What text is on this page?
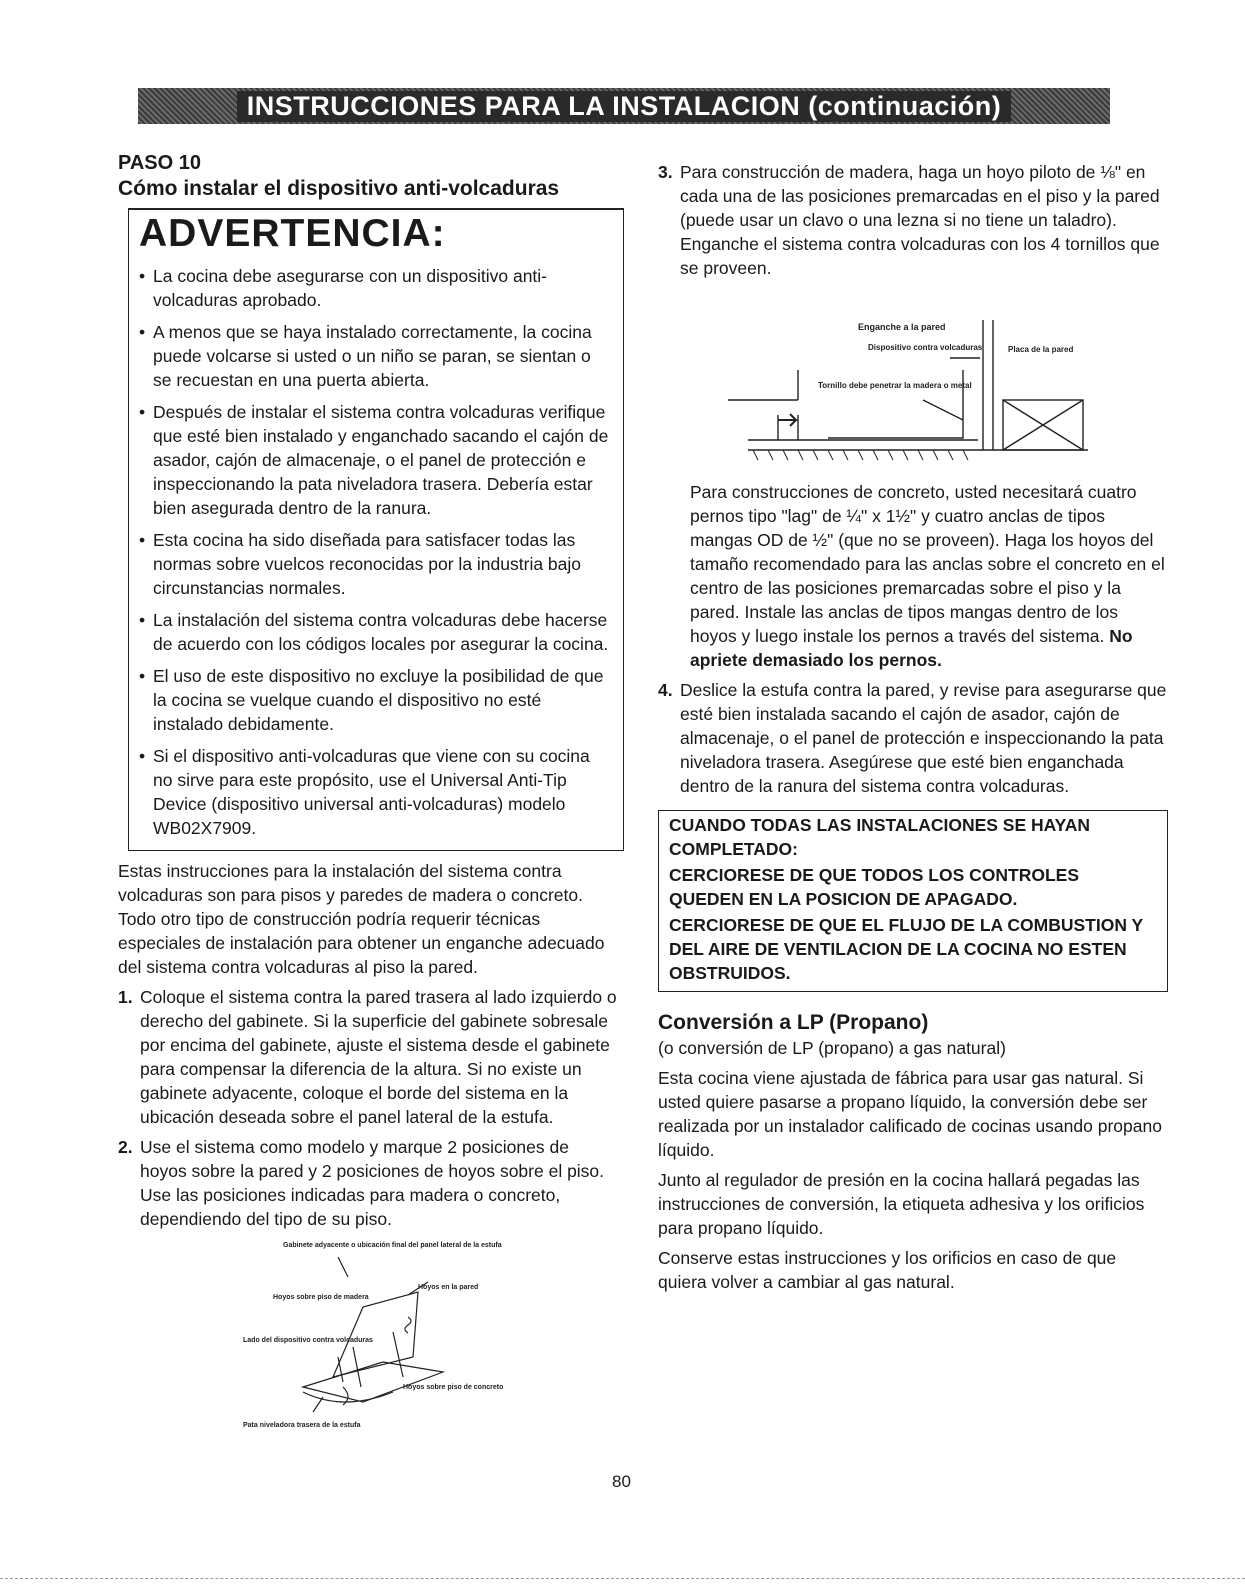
INSTRUCCIONES PARA LA INSTALACION (continuación)

PASO 10

Cómo instalar el dispositivo anti-volcaduras

ADVERTENCIA:
• La cocina debe asegurarse con un dispositivo anti-volcaduras aprobado.
• A menos que se haya instalado correctamente, la cocina puede volcarse si usted o un niño se paran, se sientan o se recuestan en una puerta abierta.
• Después de instalar el sistema contra volcaduras verifique que esté bien instalado y enganchado sacando el cajón de asador, cajón de almacenaje, o el panel de protección e inspeccionando la pata niveladora trasera. Debería estar bien asegurada dentro de la ranura.
• Esta cocina ha sido diseñada para satisfacer todas las normas sobre vuelcos reconocidas por la industria bajo circunstancias normales.
• La instalación del sistema contra volcaduras debe hacerse de acuerdo con los códigos locales por asegurar la cocina.
• El uso de este dispositivo no excluye la posibilidad de que la cocina se vuelque cuando el dispositivo no esté instalado debidamente.
• Si el dispositivo anti-volcaduras que viene con su cocina no sirve para este propósito, use el Universal Anti-Tip Device (dispositivo universal anti-volcaduras) modelo WB02X7909.

Estas instrucciones para la instalación del sistema contra volcaduras son para pisos y paredes de madera o concreto. Todo otro tipo de construcción podría requerir técnicas especiales de instalación para obtener un enganche adecuado del sistema contra volcaduras al piso la pared.

1. Coloque el sistema contra la pared trasera al lado izquierdo o derecho del gabinete. Si la superficie del gabinete sobresale por encima del gabinete, ajuste el sistema desde el gabinete para compensar la diferencia de la altura. Si no existe un gabinete adyacente, coloque el borde del sistema en la ubicación deseada sobre el panel lateral de la estufa.
2. Use el sistema como modelo y marque 2 posiciones de hoyos sobre la pared y 2 posiciones de hoyos sobre el piso. Use las posiciones indicadas para madera o concreto, dependiendo del tipo de su piso.
Gabinete adyacente o ubicación final del panel lateral de la estufa
Hoyos sobre piso de madera
Hoyos en la pared
Lado del dispositivo contra volcaduras
Hoyos sobre piso de concreto
Pata niveladora trasera de la estufa
3. Para construcción de madera, haga un hoyo piloto de ⅛" en cada una de las posiciones premarcadas en el piso y la pared (puede usar un clavo o una lezna si no tiene un taladro). Enganche el sistema contra volcaduras con los 4 tornillos que se proveen.
Enganche a la pared
Dispositivo contra volcaduras	Placa de la pared
Tornillo debe penetrar la madera o metal

Para construcciones de concreto, usted necesitará cuatro pernos tipo "lag" de ¼" x 1½" y cuatro anclas de tipos mangas OD de ½" (que no se proveen). Haga los hoyos del tamaño recomendado para las anclas sobre el concreto en el centro de las posiciones premarcadas sobre el piso y la pared. Instale las anclas de tipos mangas dentro de los hoyos y luego instale los pernos a través del sistema. No apriete demasiado los pernos.

4. Deslice la estufa contra la pared, y revise para asegurarse que esté bien instalada sacando el cajón de asador, cajón de almacenaje, o el panel de protección e inspeccionando la pata niveladora trasera. Asegúrese que esté bien enganchada dentro de la ranura del sistema contra volcaduras.

CUANDO TODAS LAS INSTALACIONES SE HAYAN COMPLETADO:

CERCIORESE DE QUE TODOS LOS CONTROLES QUEDEN EN LA POSICION DE APAGADO.

CERCIORESE DE QUE EL FLUJO DE LA COMBUSTION Y DEL AIRE DE VENTILACION DE LA COCINA NO ESTEN OBSTRUIDOS.

Conversión a LP (Propano)

(o conversión de LP (propano) a gas natural)

Esta cocina viene ajustada de fábrica para usar gas natural. Si usted quiere pasarse a propano líquido, la conversión debe ser realizada por un instalador calificado de cocinas usando propano líquido.

Junto al regulador de presión en la cocina hallará pegadas las instrucciones de conversión, la etiqueta adhesiva y los orificios para propano líquido.

Conserve estas instrucciones y los orificios en caso de que quiera volver a cambiar al gas natural.

80
